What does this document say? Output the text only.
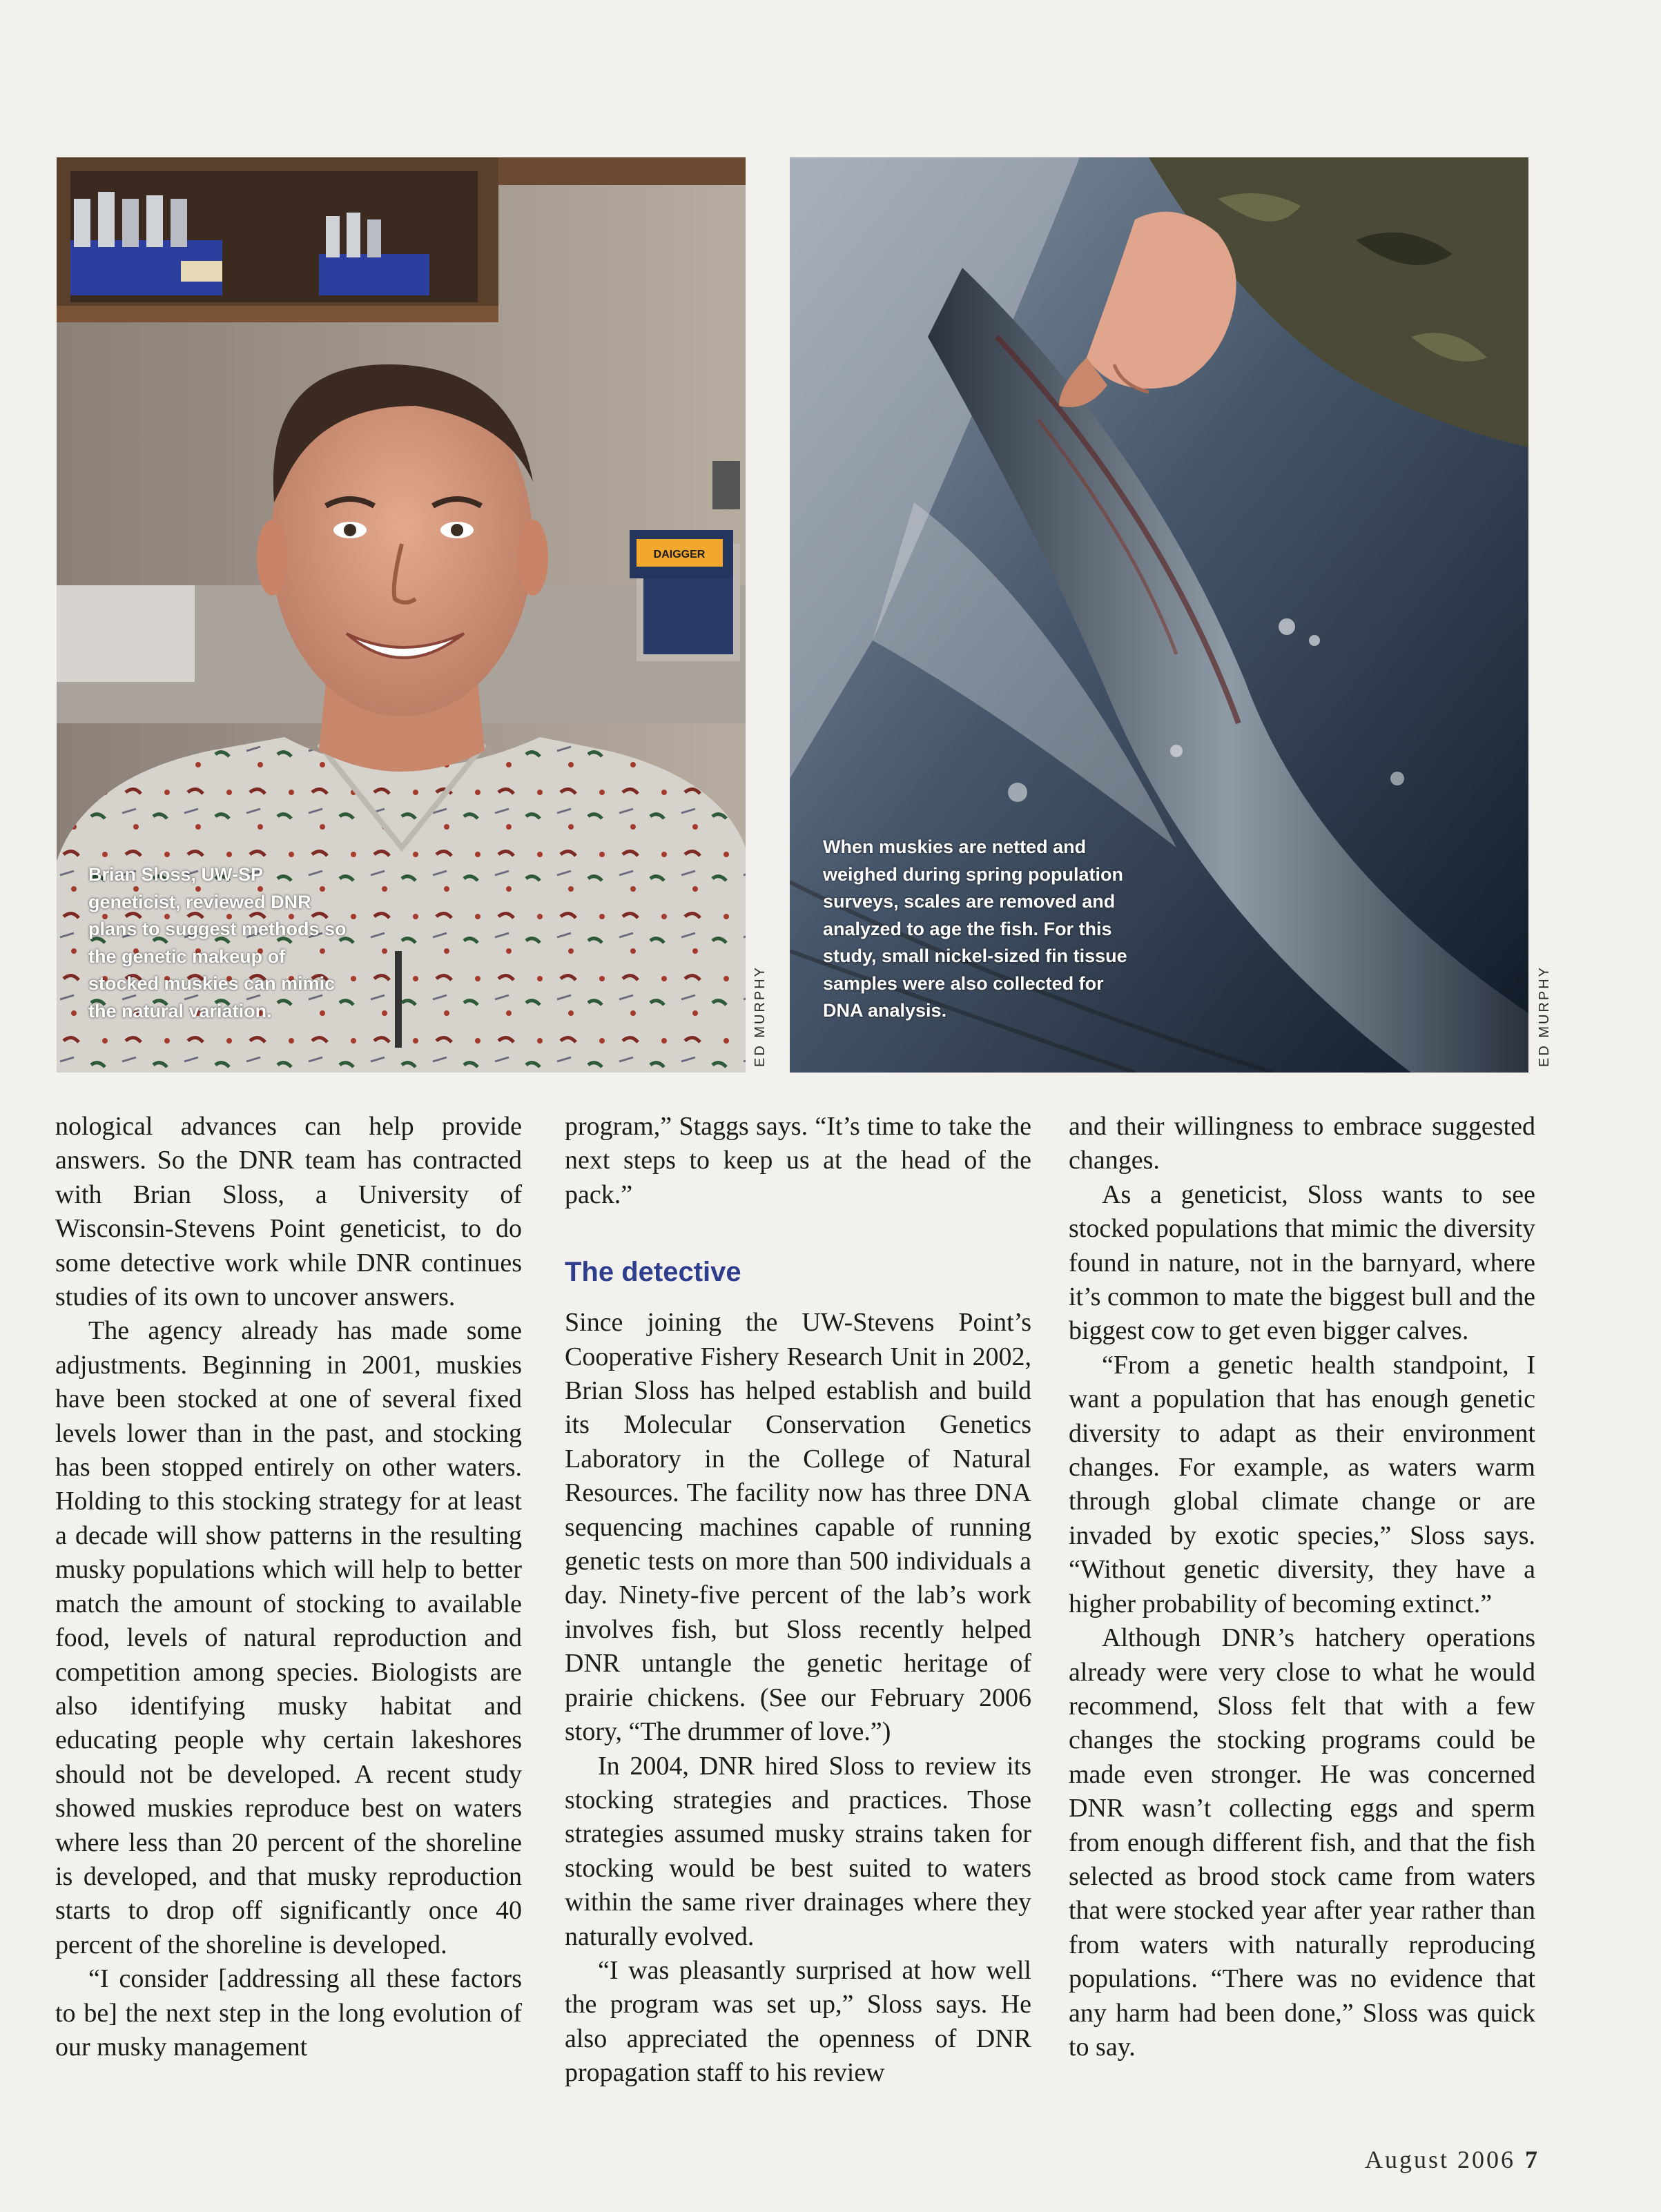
DAIGGER
Brian Sloss, UW-SP geneticist, reviewed DNR plans to suggest methods so the genetic makeup of stocked muskies can mimic the natural variation.	ED MURPHY
When muskies are netted and weighed during spring population surveys, scales are removed and analyzed to age the fish. For this study, small nickel-sized fin tissue samples were also collected for DNA analysis.	ED MURPHY

nological advances can help provide answers. So the DNR team has contracted with Brian Sloss, a University of Wisconsin-Stevens Point geneticist, to do some detective work while DNR continues studies of its own to uncover answers.

The agency already has made some adjustments. Beginning in 2001, muskies have been stocked at one of several fixed levels lower than in the past, and stocking has been stopped entirely on other waters. Holding to this stocking strategy for at least a decade will show patterns in the resulting musky populations which will help to better match the amount of stocking to available food, levels of natural reproduction and competition among species. Biologists are also identifying musky habitat and educating people why certain lakeshores should not be developed. A recent study showed muskies reproduce best on waters where less than 20 percent of the shoreline is developed, and that musky reproduction starts to drop off significantly once 40 percent of the shoreline is developed.

“I consider [addressing all these factors to be] the next step in the long evolution of our musky management

program,” Staggs says. “It’s time to take the next steps to keep us at the head of the pack.”

The detective

Since joining the UW-Stevens Point’s Cooperative Fishery Research Unit in 2002, Brian Sloss has helped establish and build its Molecular Conservation Genetics Laboratory in the College of Natural Resources. The facility now has three DNA sequencing machines capable of running genetic tests on more than 500 individuals a day. Ninety-five percent of the lab’s work involves fish, but Sloss recently helped DNR untangle the genetic heritage of prairie chickens. (See our February 2006 story, “The drummer of love.”)

In 2004, DNR hired Sloss to review its stocking strategies and practices. Those strategies assumed musky strains taken for stocking would be best suited to waters within the same river drainages where they naturally evolved.

“I was pleasantly surprised at how well the program was set up,” Sloss says. He also appreciated the openness of DNR propagation staff to his review

and their willingness to embrace suggested changes.

As a geneticist, Sloss wants to see stocked populations that mimic the diversity found in nature, not in the barnyard, where it’s common to mate the biggest bull and the biggest cow to get even bigger calves.

“From a genetic health standpoint, I want a population that has enough genetic diversity to adapt as their environment changes. For example, as waters warm through global climate change or are invaded by exotic species,” Sloss says. “Without genetic diversity, they have a higher probability of becoming extinct.”

Although DNR’s hatchery operations already were very close to what he would recommend, Sloss felt that with a few changes the stocking programs could be made even stronger. He was concerned DNR wasn’t collecting eggs and sperm from enough different fish, and that the fish selected as brood stock came from waters that were stocked year after year rather than from waters with naturally reproducing populations. “There was no evidence that any harm had been done,” Sloss was quick to say.

August 2006 7
